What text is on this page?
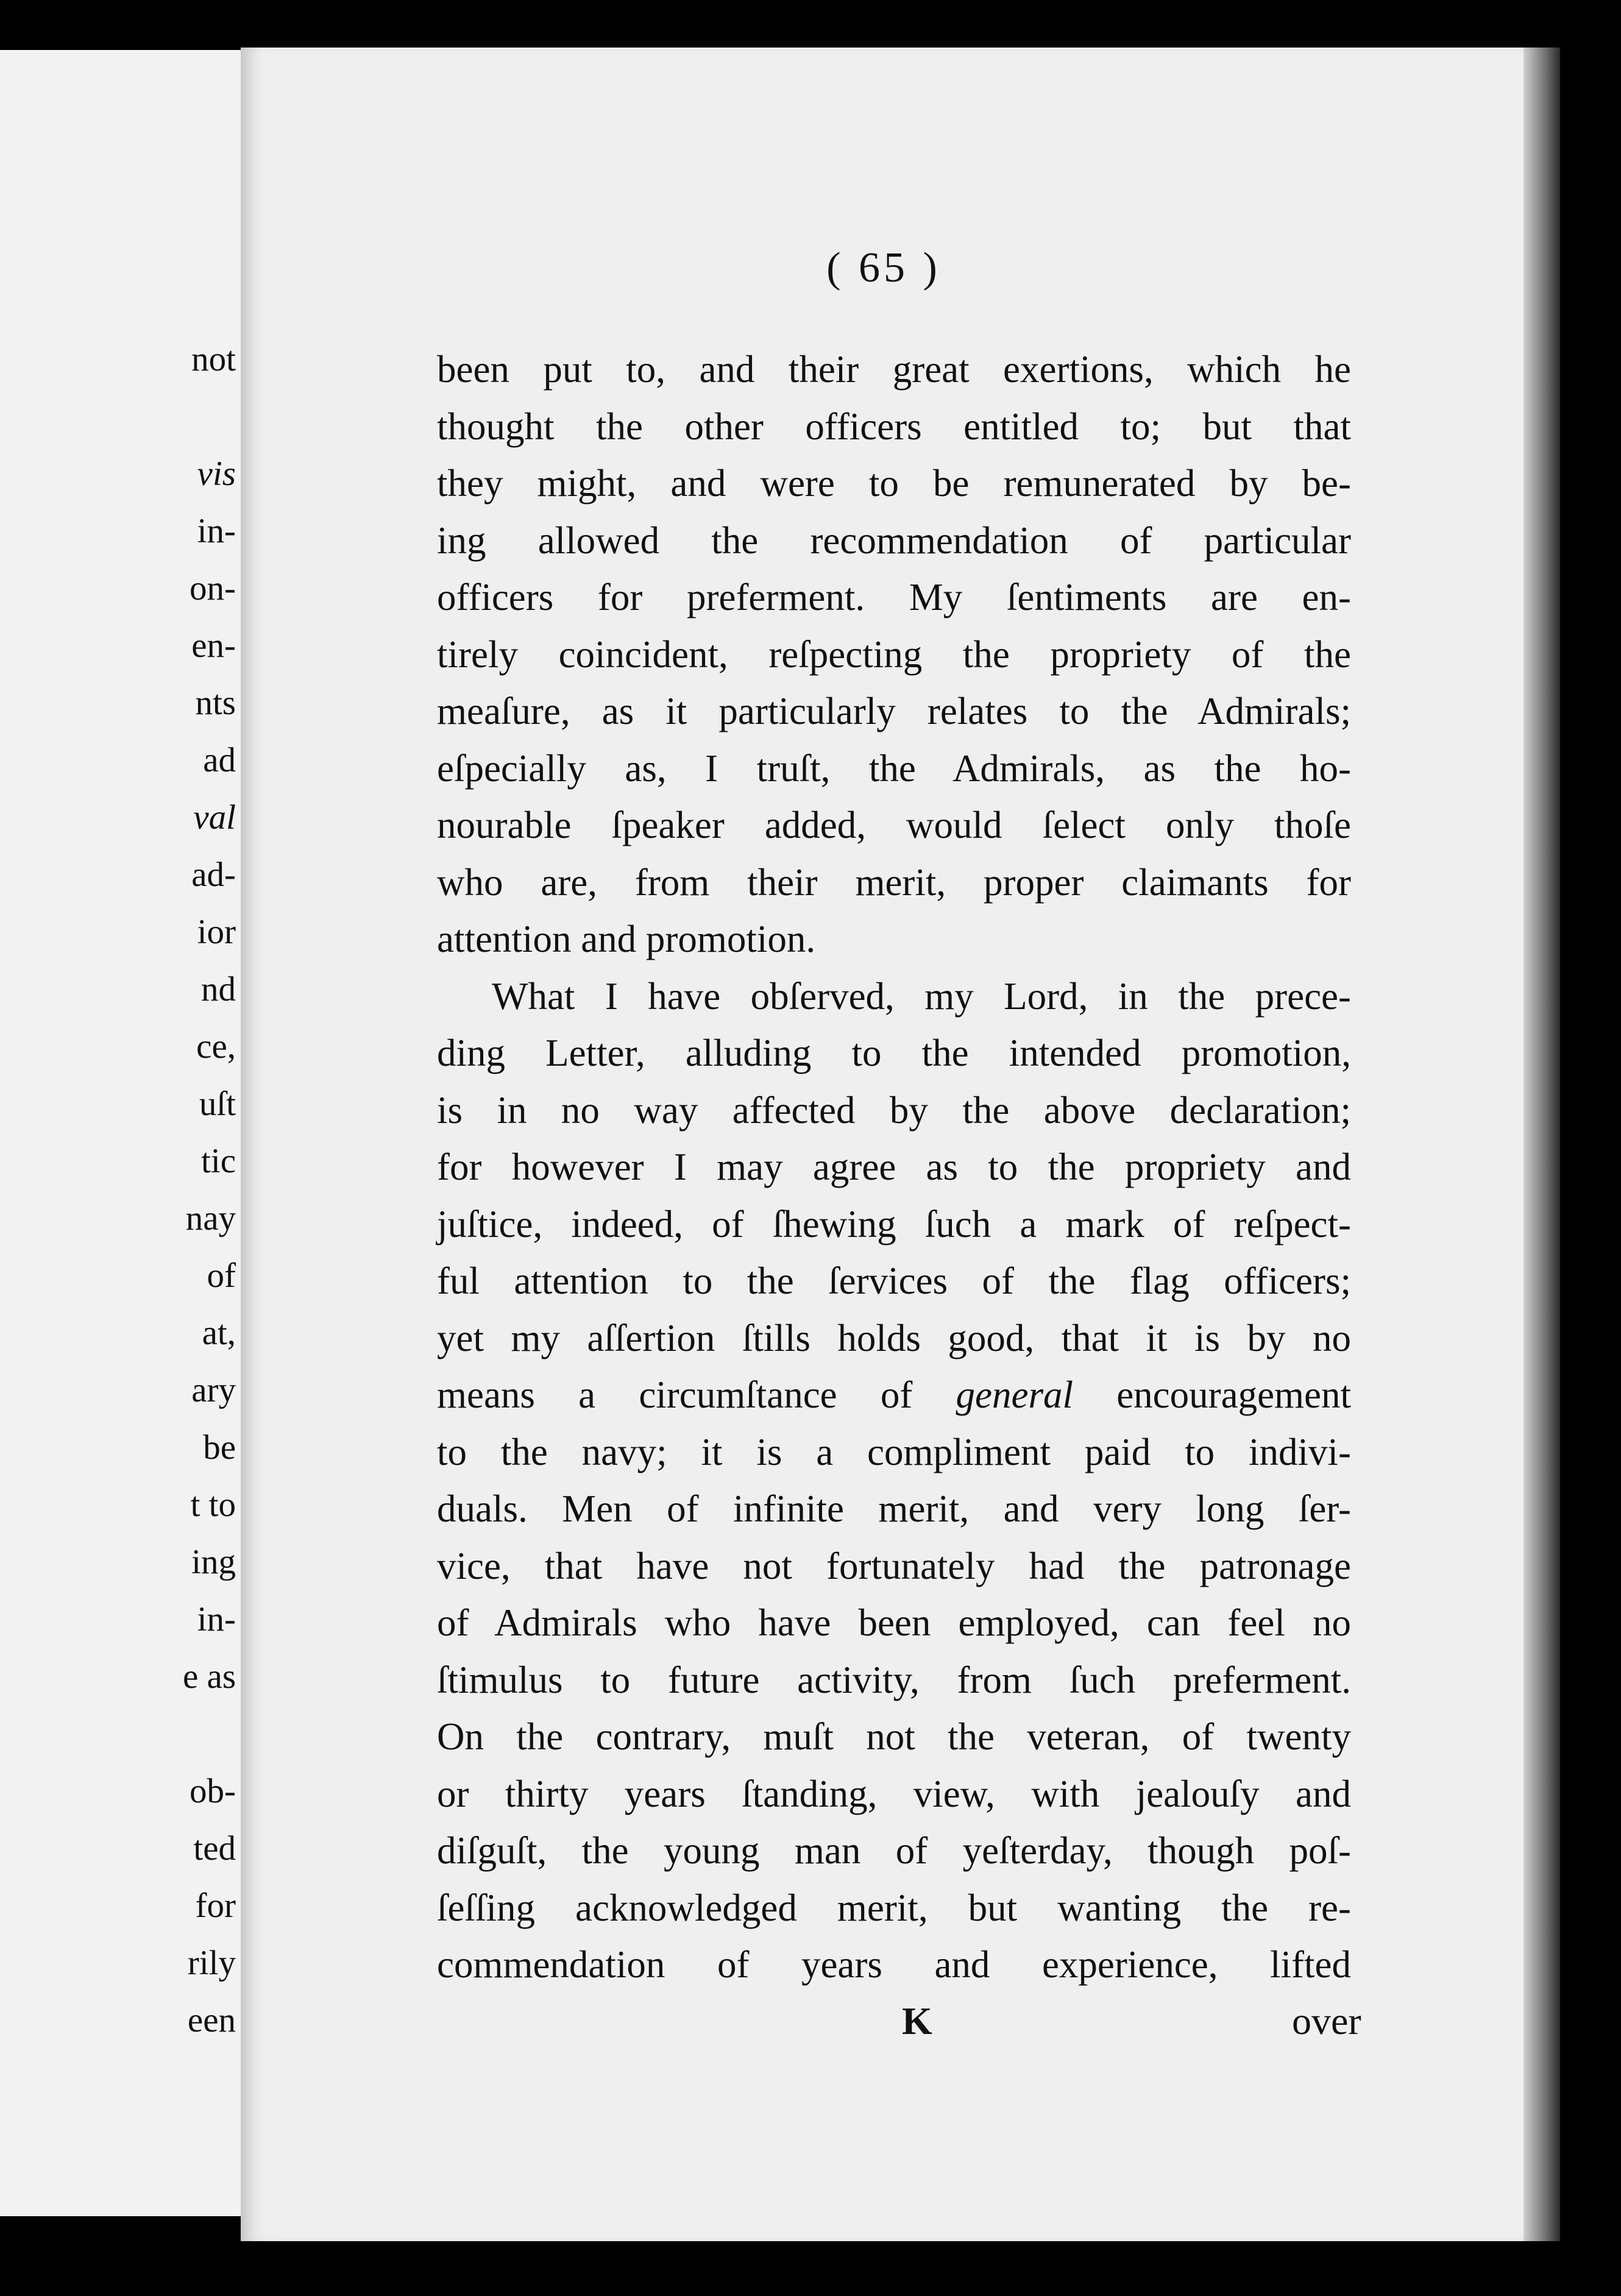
not
vis
in-
on-
en-
nts
ad
val
ad-
ior
nd
ce,
uſt
tic
nay
of
at,
ary
be
t to
ing
in-
e as
ob-
ted
for
rily
een
( 65 )
been put to, and their great exertions, which he
thought the other officers entitled to; but that
they might, and were to be remunerated by be-
ing allowed the recommendation of particular
officers for preferment. My ſentiments are en-
tirely coincident, reſpecting the propriety of the
meaſure, as it particularly relates to the Admirals;
eſpecially as, I truſt, the Admirals, as the ho-
nourable ſpeaker added, would ſelect only thoſe
who are, from their merit, proper claimants for
attention and promotion.
What I have obſerved, my Lord, in the prece-
ding Letter, alluding to the intended promotion,
is in no way affected by the above declaration;
for however I may agree as to the propriety and
juſtice, indeed, of ſhewing ſuch a mark of reſpect-
ful attention to the ſervices of the flag officers;
yet my aſſertion ſtills holds good, that it is by no
means a circumſtance of general encouragement
to the navy; it is a compliment paid to indivi-
duals. Men of infinite merit, and very long ſer-
vice, that have not fortunately had the patronage
of Admirals who have been employed, can feel no
ſtimulus to future activity, from ſuch preferment.
On the contrary, muſt not the veteran, of twenty
or thirty years ſtanding, view, with jealouſy and
diſguſt, the young man of yeſterday, though poſ-
ſeſſing acknowledged merit, but wanting the re-
commendation of years and experience, lifted
K	over
